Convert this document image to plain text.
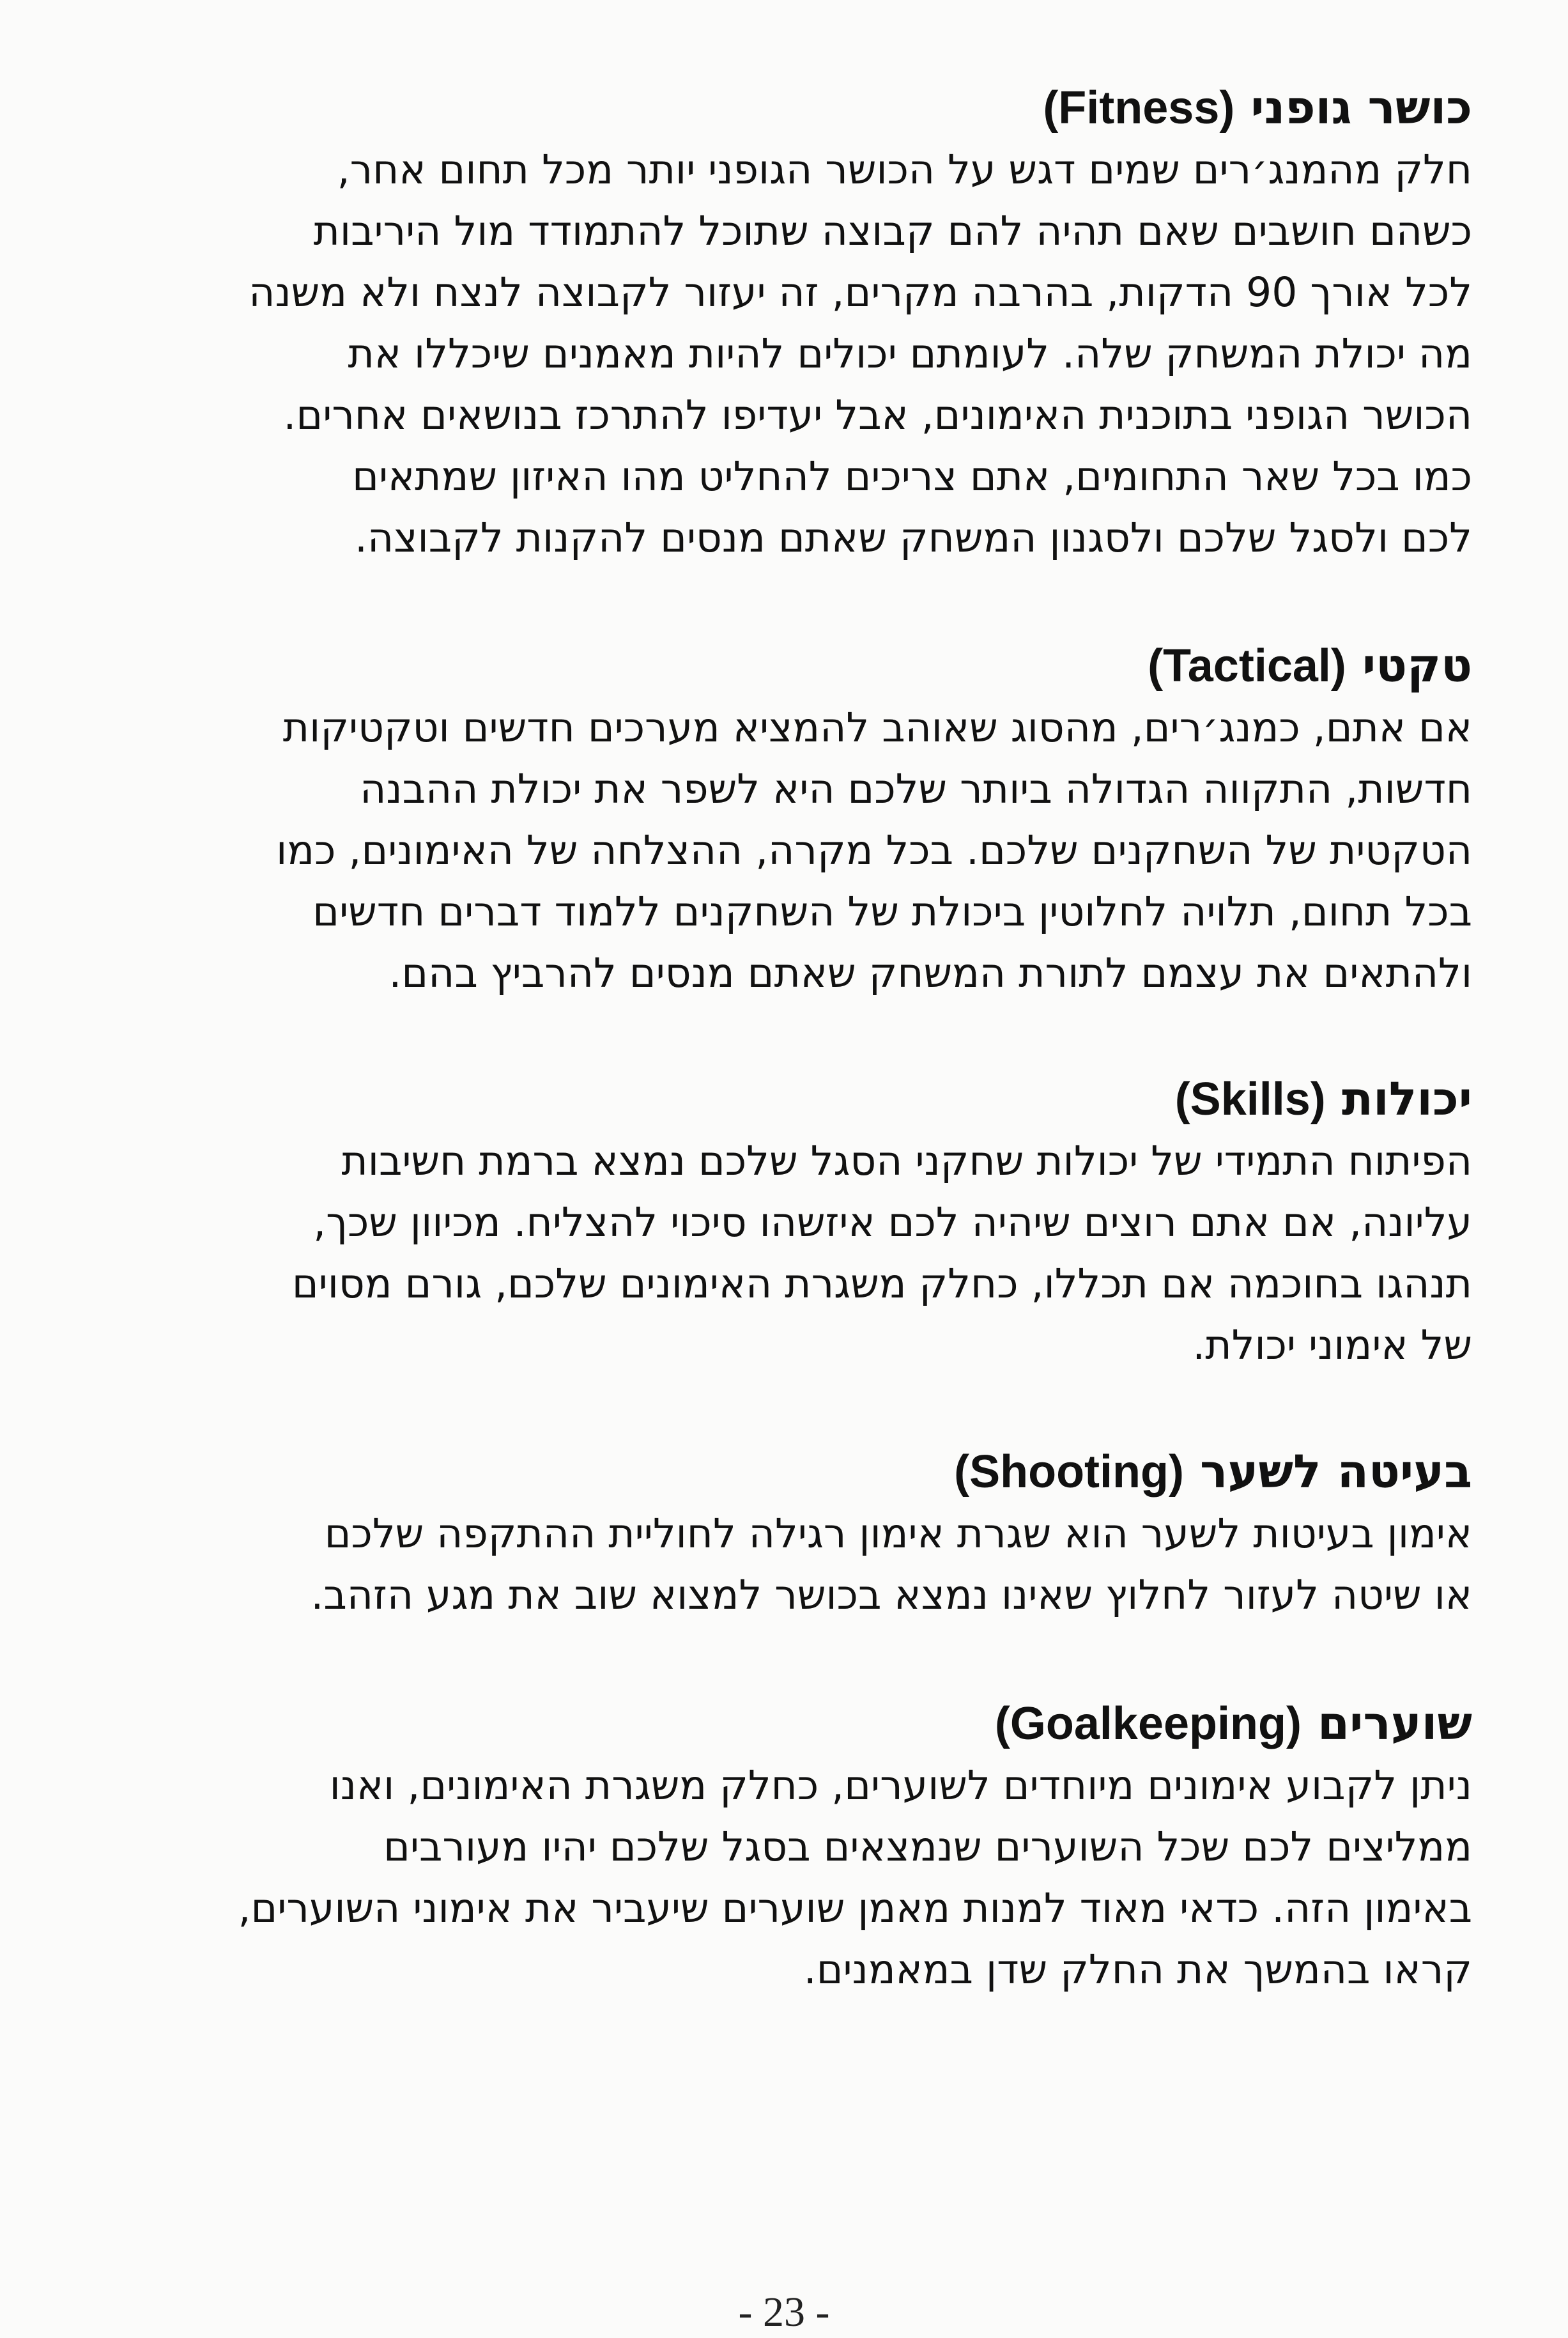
כושר גופני (Fitness)

חלק מהמנג׳רים שמים דגש על הכושר הגופני יותר מכל תחום אחר,

כשהם חושבים שאם תהיה להם קבוצה שתוכל להתמודד מול היריבות

לכל אורך 90 הדקות, בהרבה מקרים, זה יעזור לקבוצה לנצח ולא משנה

מה יכולת המשחק שלה. לעומתם יכולים להיות מאמנים שיכללו את

הכושר הגופני בתוכנית האימונים, אבל יעדיפו להתרכז בנושאים אחרים.

כמו בכל שאר התחומים, אתם צריכים להחליט מהו האיזון שמתאים

לכם ולסגל שלכם ולסגנון המשחק שאתם מנסים להקנות לקבוצה.

טקטי (Tactical)

אם אתם, כמנג׳רים, מהסוג שאוהב להמציא מערכים חדשים וטקטיקות

חדשות, התקווה הגדולה ביותר שלכם היא לשפר את יכולת ההבנה

הטקטית של השחקנים שלכם. בכל מקרה, ההצלחה של האימונים, כמו

בכל תחום, תלויה לחלוטין ביכולת של השחקנים ללמוד דברים חדשים

ולהתאים את עצמם לתורת המשחק שאתם מנסים להרביץ בהם.

יכולות (Skills)

הפיתוח התמידי של יכולות שחקני הסגל שלכם נמצא ברמת חשיבות

עליונה, אם אתם רוצים שיהיה לכם איזשהו סיכוי להצליח. מכיוון שכך,

תנהגו בחוכמה אם תכללו, כחלק משגרת האימונים שלכם, גורם מסוים

של אימוני יכולת.

בעיטה לשער (Shooting)

אימון בעיטות לשער הוא שגרת אימון רגילה לחוליית ההתקפה שלכם

או שיטה לעזור לחלוץ שאינו נמצא בכושר למצוא שוב את מגע הזהב.

שוערים (Goalkeeping)

ניתן לקבוע אימונים מיוחדים לשוערים, כחלק משגרת האימונים, ואנו

ממליצים לכם שכל השוערים שנמצאים בסגל שלכם יהיו מעורבים

באימון הזה. כדאי מאוד למנות מאמן שוערים שיעביר את אימוני השוערים,

קראו בהמשך את החלק שדן במאמנים.

- 23 -
